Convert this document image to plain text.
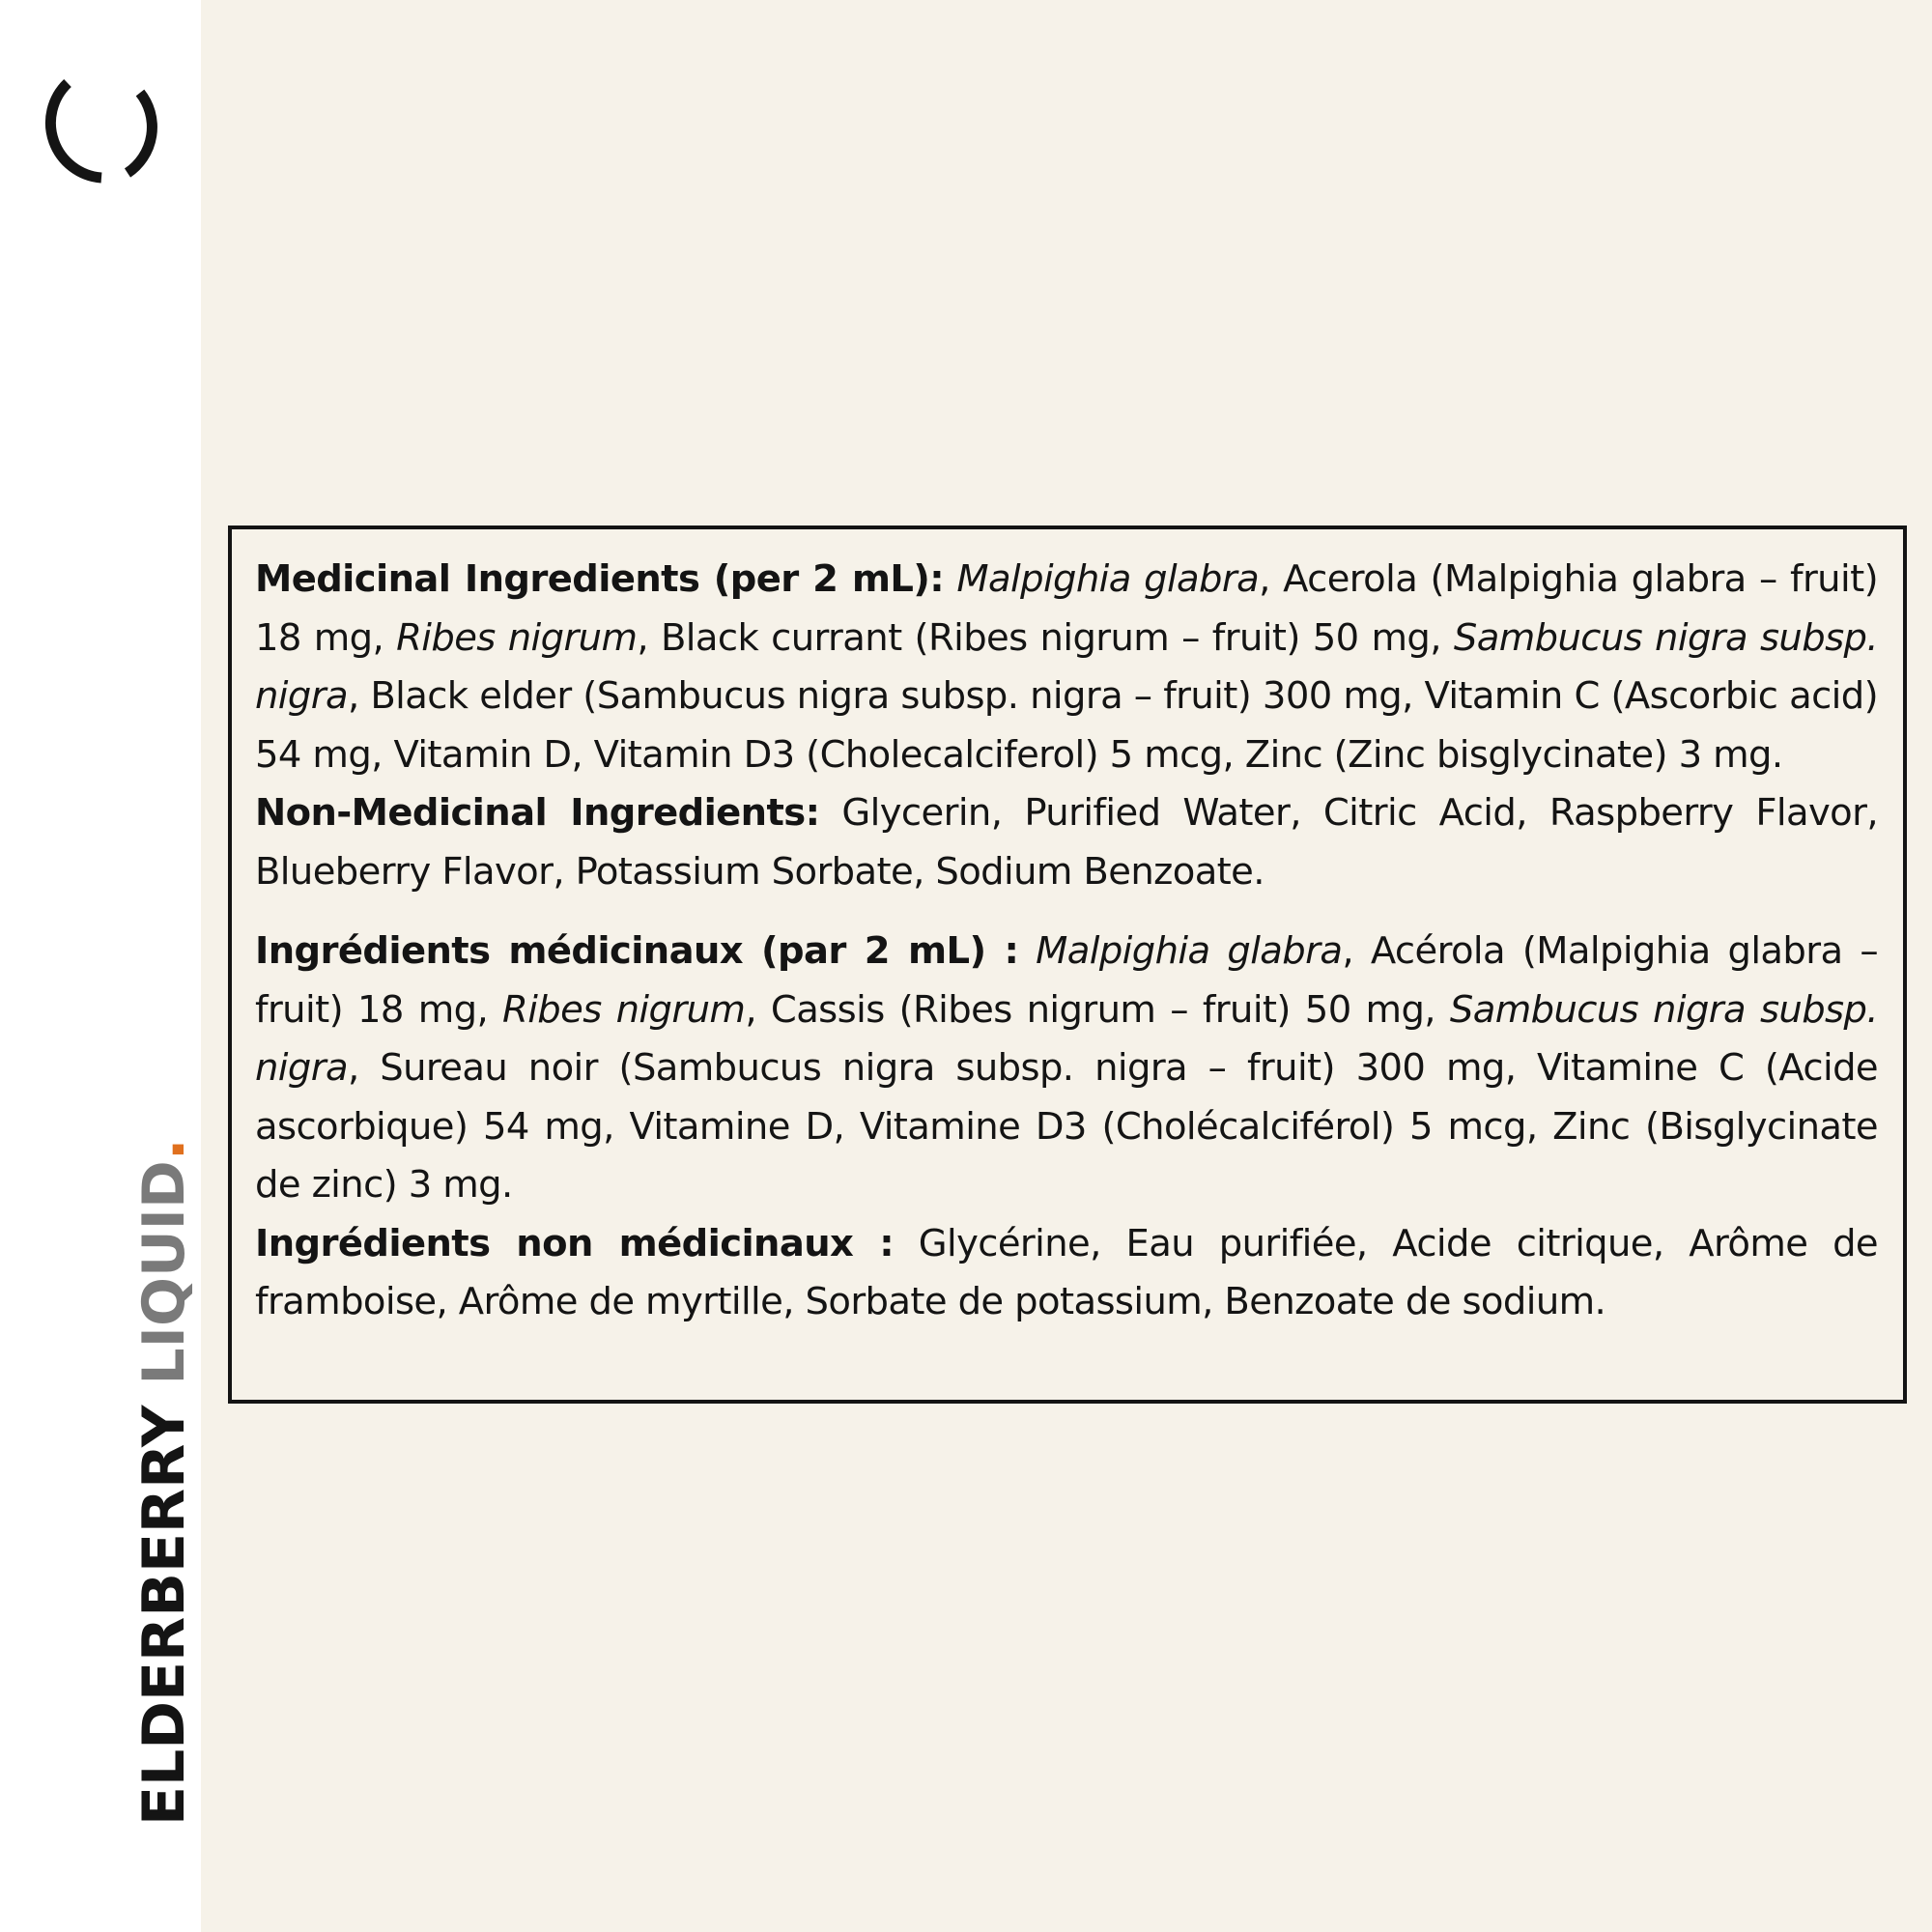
ELDERBERRY LIQUID.

Medicinal Ingredients (per 2 mL): Malpighia glabra, Acerola (Malpighia glabra – fruit) 18 mg, Ribes nigrum, Black currant (Ribes nigrum – fruit) 50 mg, Sambucus nigra subsp. nigra, Black elder (Sambucus nigra subsp. nigra – fruit) 300 mg, Vitamin C (Ascorbic acid) 54 mg, Vitamin D, Vitamin D3 (Cholecalciferol) 5 mcg, Zinc (Zinc bisglycinate) 3 mg.

Non-Medicinal Ingredients: Glycerin, Purified Water, Citric Acid, Raspberry Flavor, Blueberry Flavor, Potassium Sorbate, Sodium Benzoate.

Ingrédients médicinaux (par 2 mL) : Malpighia glabra, Acérola (Malpighia glabra – fruit) 18 mg, Ribes nigrum, Cassis (Ribes nigrum – fruit) 50 mg, Sambucus nigra subsp. nigra, Sureau noir (Sambucus nigra subsp. nigra – fruit) 300 mg, Vitamine C (Acide ascorbique) 54 mg, Vitamine D, Vitamine D3 (Cholécalciférol) 5 mcg, Zinc (Bisglycinate de zinc) 3 mg.

Ingrédients non médicinaux : Glycérine, Eau purifiée, Acide citrique, Arôme de framboise, Arôme de myrtille, Sorbate de potassium, Benzoate de sodium.
